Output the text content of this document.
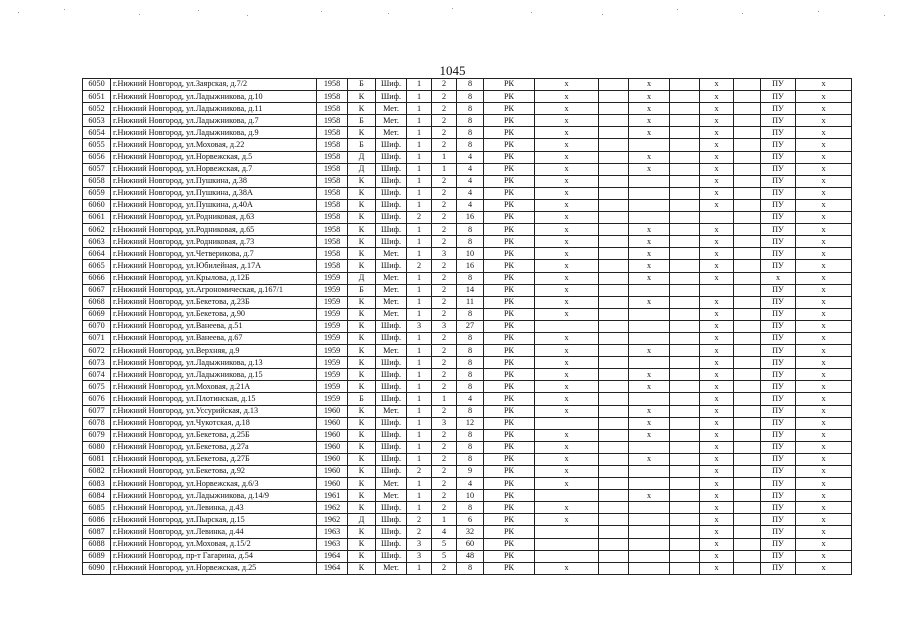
1045
6050	г.Нижний Новгород, ул.Заярская, д.7/2	1958	Б	Шиф.	1	2	8	РК	х		х		х		ПУ	х
6051	г.Нижний Новгород, ул.Ладыжникова, д.10	1958	К	Шиф.	1	2	8	РК	х		х		х		ПУ	х
6052	г.Нижний Новгород, ул.Ладыжникова, д.11	1958	К	Мет.	1	2	8	РК	х		х		х		ПУ	х
6053	г.Нижний Новгород, ул.Ладыжникова, д.7	1958	Б	Мет.	1	2	8	РК	х		х		х		ПУ	х
6054	г.Нижний Новгород, ул.Ладыжникова, д.9	1958	К	Мет.	1	2	8	РК	х		х		х		ПУ	х
6055	г.Нижний Новгород, ул.Моховая, д.22	1958	Б	Шиф.	1	2	8	РК	х				х		ПУ	х
6056	г.Нижний Новгород, ул.Норвежская, д.5	1958	Д	Шиф.	1	1	4	РК	х		х		х		ПУ	х
6057	г.Нижний Новгород, ул.Норвежская, д.7	1958	Д	Шиф.	1	1	4	РК	х		х		х		ПУ	х
6058	г.Нижний Новгород, ул.Пушкина, д.38	1958	К	Шиф.	1	2	4	РК	х				х		ПУ	х
6059	г.Нижний Новгород, ул.Пушкина, д.38А	1958	К	Шиф.	1	2	4	РК	х				х		ПУ	х
6060	г.Нижний Новгород, ул.Пушкина, д.40А	1958	К	Шиф.	1	2	4	РК	х				х		ПУ	х
6061	г.Нижний Новгород, ул.Родниковая, д.63	1958	К	Шиф.	2	2	16	РК	х						ПУ	х
6062	г.Нижний Новгород, ул.Родниковая, д.65	1958	К	Шиф.	1	2	8	РК	х		х		х		ПУ	х
6063	г.Нижний Новгород, ул.Родниковая, д.73	1958	К	Шиф.	1	2	8	РК	х		х		х		ПУ	х
6064	г.Нижний Новгород, ул.Четверикова, д.7	1958	К	Мет.	1	3	10	РК	х		х		х		ПУ	х
6065	г.Нижний Новгород, ул.Юбилейная, д.17А	1958	К	Шиф.	2	2	16	РК	х		х		х		ПУ	х
6066	г.Нижний Новгород, ул.Крылова, д.12Б	1959	Д	Мет.	1	2	8	РК	х		х		х		х	х
6067	г.Нижний Новгород, ул.Агрономическая, д.167/1	1959	Б	Мет.	1	2	14	РК	х						ПУ	х
6068	г.Нижний Новгород, ул.Бекетова, д.23Б	1959	К	Мет.	1	2	11	РК	х		х		х		ПУ	х
6069	г.Нижний Новгород, ул.Бекетова, д.90	1959	К	Мет.	1	2	8	РК	х				х		ПУ	х
6070	г.Нижний Новгород, ул.Ванеева, д.51	1959	К	Шиф.	3	3	27	РК					х		ПУ	х
6071	г.Нижний Новгород, ул.Ванеева, д.67	1959	К	Шиф.	1	2	8	РК	х				х		ПУ	х
6072	г.Нижний Новгород, ул.Верхняя, д.9	1959	К	Мет.	1	2	8	РК	х		х		х		ПУ	х
6073	г.Нижний Новгород, ул.Ладыжникова, д.13	1959	К	Шиф.	1	2	8	РК	х				х		ПУ	х
6074	г.Нижний Новгород, ул.Ладыжникова, д.15	1959	К	Шиф.	1	2	8	РК	х		х		х		ПУ	х
6075	г.Нижний Новгород, ул.Моховая, д.21А	1959	К	Шиф.	1	2	8	РК	х		х		х		ПУ	х
6076	г.Нижний Новгород, ул.Плотинская, д.15	1959	Б	Шиф.	1	1	4	РК	х				х		ПУ	х
6077	г.Нижний Новгород, ул.Уссурийская, д.13	1960	К	Мет.	1	2	8	РК	х		х		х		ПУ	х
6078	г.Нижний Новгород, ул.Чукотская, д.18	1960	К	Шиф.	1	3	12	РК			х		х		ПУ	х
6079	г.Нижний Новгород, ул.Бекетова, д.25Б	1960	К	Шиф.	1	2	8	РК	х		х		х		ПУ	х
6080	г.Нижний Новгород, ул.Бекетова, д.27а	1960	К	Шиф.	1	2	8	РК	х				х		ПУ	х
6081	г.Нижний Новгород, ул.Бекетова, д.27Б	1960	К	Шиф.	1	2	8	РК	х		х		х		ПУ	х
6082	г.Нижний Новгород, ул.Бекетова, д.92	1960	К	Шиф.	2	2	9	РК	х				х		ПУ	х
6083	г.Нижний Новгород, ул.Норвежская, д.6/3	1960	К	Мет.	1	2	4	РК	х				х		ПУ	х
6084	г.Нижний Новгород, ул.Ладыжникова, д.14/9	1961	К	Мет.	1	2	10	РК			х		х		ПУ	х
6085	г.Нижний Новгород, ул.Левинка, д.43	1962	К	Шиф.	1	2	8	РК	х				х		ПУ	х
6086	г.Нижний Новгород, ул.Пырская, д.15	1962	Д	Шиф.	2	1	6	РК	х				х		ПУ	х
6087	г.Нижний Новгород, ул.Левинка, д.44	1963	К	Шиф.	2	4	32	РК					х		ПУ	х
6088	г.Нижний Новгород, ул.Моховая, д.15/2	1963	К	Шиф.	3	5	60	РК					х		ПУ	х
6089	г.Нижний Новгород, пр-т Гагарина, д.54	1964	К	Шиф.	3	5	48	РК					х		ПУ	х
6090	г.Нижний Новгород, ул.Норвежская, д.25	1964	К	Мет.	1	2	8	РК	х				х		ПУ	х
